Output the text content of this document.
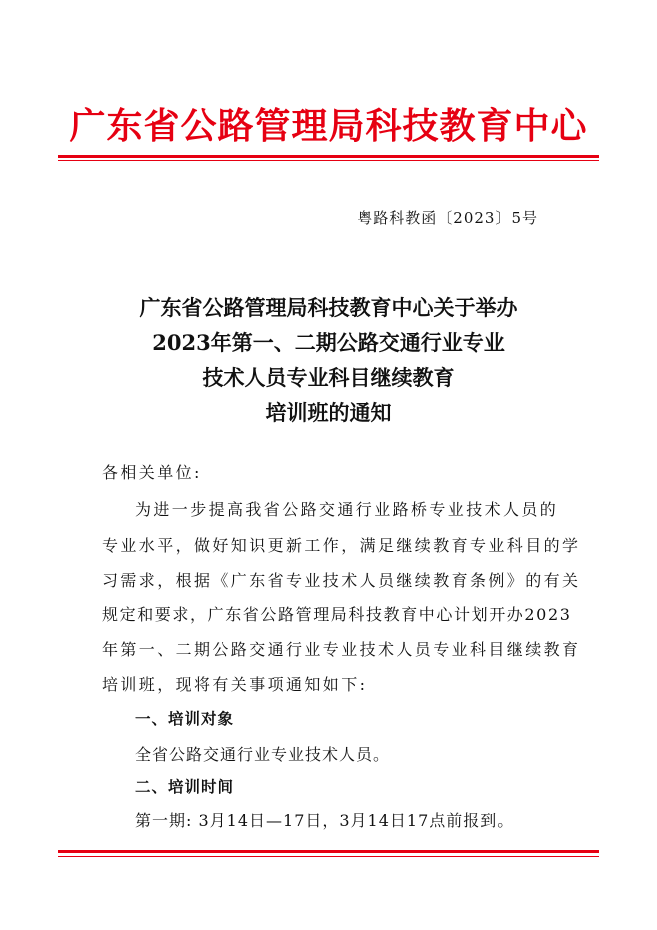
广东省公路管理局科技教育中心
粤路科教函〔2023〕5号
广东省公路管理局科技教育中心关于举办
2023年第一、二期公路交通行业专业
技术人员专业科目继续教育
培训班的通知
各相关单位:
为进一步提高我省公路交通行业路桥专业技术人员的
专业水平，做好知识更新工作，满足继续教育专业科目的学
习需求，根据《广东省专业技术人员继续教育条例》的有关
规定和要求，广东省公路管理局科技教育中心计划开办2023
年第一、二期公路交通行业专业技术人员专业科目继续教育
培训班，现将有关事项通知如下:
一、培训对象
全省公路交通行业专业技术人员。
二、培训时间
第一期: 3月14日—17日，3月14日17点前报到。
